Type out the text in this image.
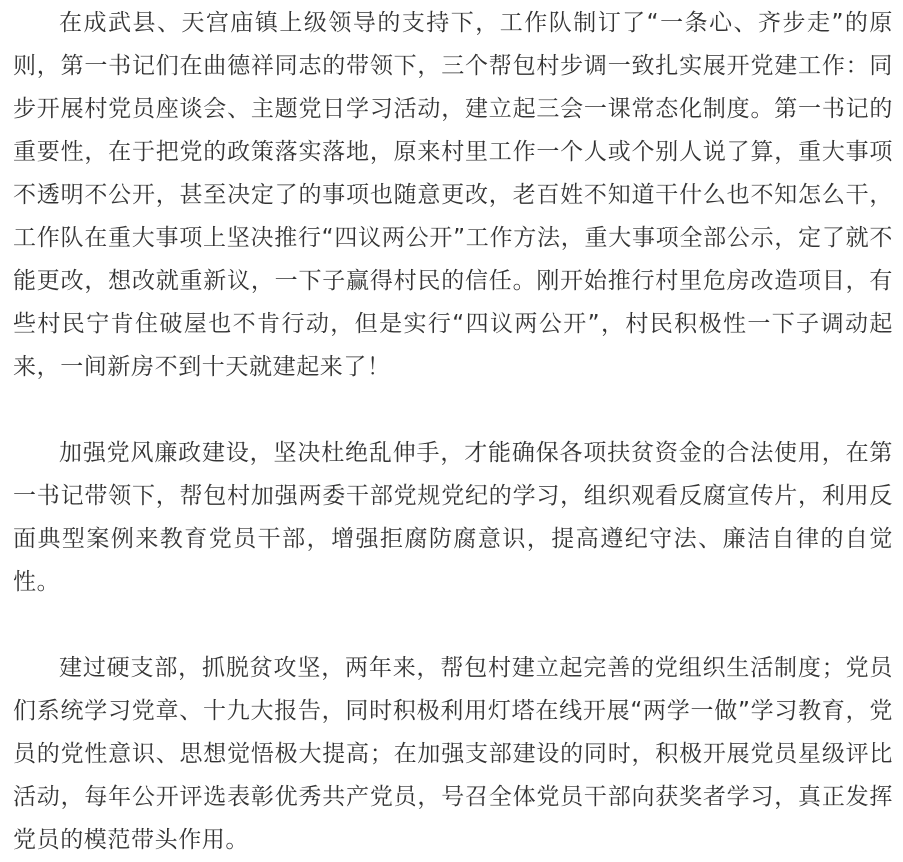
在成武县、天宫庙镇上级领导的支持下，工作队制订了“一条心、齐步走”的原则，第一书记们在曲德祥同志的带领下，三个帮包村步调一致扎实展开党建工作：同步开展村党员座谈会、主题党日学习活动，建立起三会一课常态化制度。第一书记的重要性，在于把党的政策落实落地，原来村里工作一个人或个别人说了算，重大事项不透明不公开，甚至决定了的事项也随意更改，老百姓不知道干什么也不知怎么干，工作队在重大事项上坚决推行“四议两公开”工作方法，重大事项全部公示，定了就不能更改，想改就重新议，一下子赢得村民的信任。刚开始推行村里危房改造项目，有些村民宁肯住破屋也不肯行动，但是实行“四议两公开”，村民积极性一下子调动起来，一间新房不到十天就建起来了！

加强党风廉政建设，坚决杜绝乱伸手，才能确保各项扶贫资金的合法使用，在第一书记带领下，帮包村加强两委干部党规党纪的学习，组织观看反腐宣传片，利用反面典型案例来教育党员干部，增强拒腐防腐意识，提高遵纪守法、廉洁自律的自觉性。

建过硬支部，抓脱贫攻坚，两年来，帮包村建立起完善的党组织生活制度；党员们系统学习党章、十九大报告，同时积极利用灯塔在线开展“两学一做”学习教育，党员的党性意识、思想觉悟极大提高；在加强支部建设的同时，积极开展党员星级评比活动，每年公开评选表彰优秀共产党员，号召全体党员干部向获奖者学习，真正发挥党员的模范带头作用。
